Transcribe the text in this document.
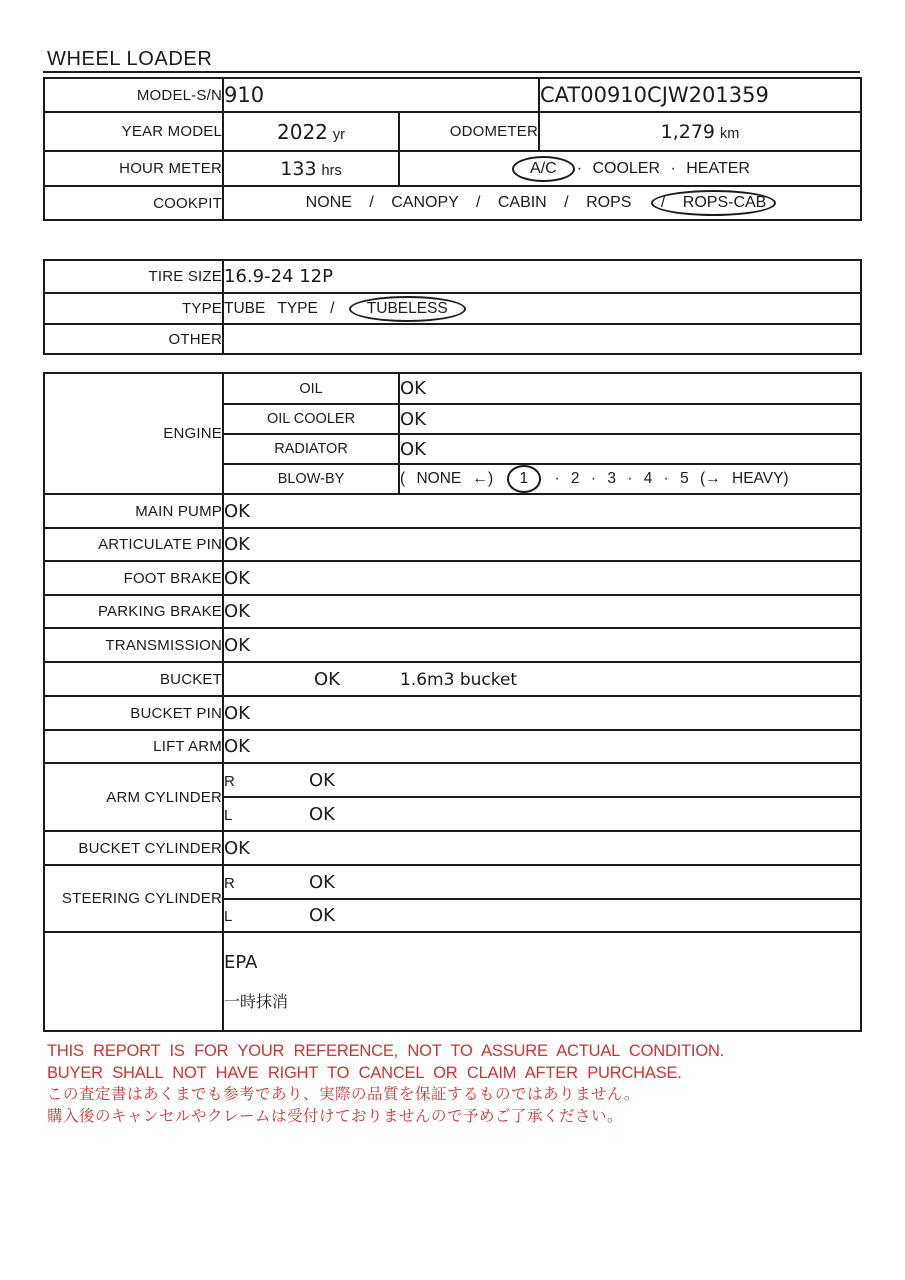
WHEEL LOADER
MODEL-S/N	910		CAT00910CJW201359
YEAR MODEL	2022 yr	ODOMETER	1,279 km
HOUR METER	133 hrs	A/C · COOLER · HEATER	
COOKPIT	NONE / CANOPY / CABIN / ROPS / ROPS-CAB		
TIRE SIZE	16.9-24 12P
TYPE	TUBE TYPE / TUBELESS
OTHER	
ENGINE	OIL	OK
	OIL COOLER	OK
	RADIATOR	OK
	BLOW-BY	( NONE ←) 1 · 2 · 3 · 4 · 5 (→ HEAVY)
MAIN PUMP	OK	
ARTICULATE PIN	OK	
FOOT BRAKE	OK	
PARKING BRAKE	OK	
TRANSMISSION	OK	
BUCKET	OK 1.6m3 bucket	
BUCKET PIN	OK	
LIFT ARM	OK	
ARM CYLINDER	R OK	
	L OK	
BUCKET CYLINDER	OK	
STEERING CYLINDER	R OK	
	L OK	

	EPA
一時抹消	
THIS REPORT IS FOR YOUR REFERENCE, NOT TO ASSURE ACTUAL CONDITION.
BUYER SHALL NOT HAVE RIGHT TO CANCEL OR CLAIM AFTER PURCHASE.
この査定書はあくまでも参考であり、実際の品質を保証するものではありません。
購入後のキャンセルやクレームは受付けておりませんので予めご了承ください。
